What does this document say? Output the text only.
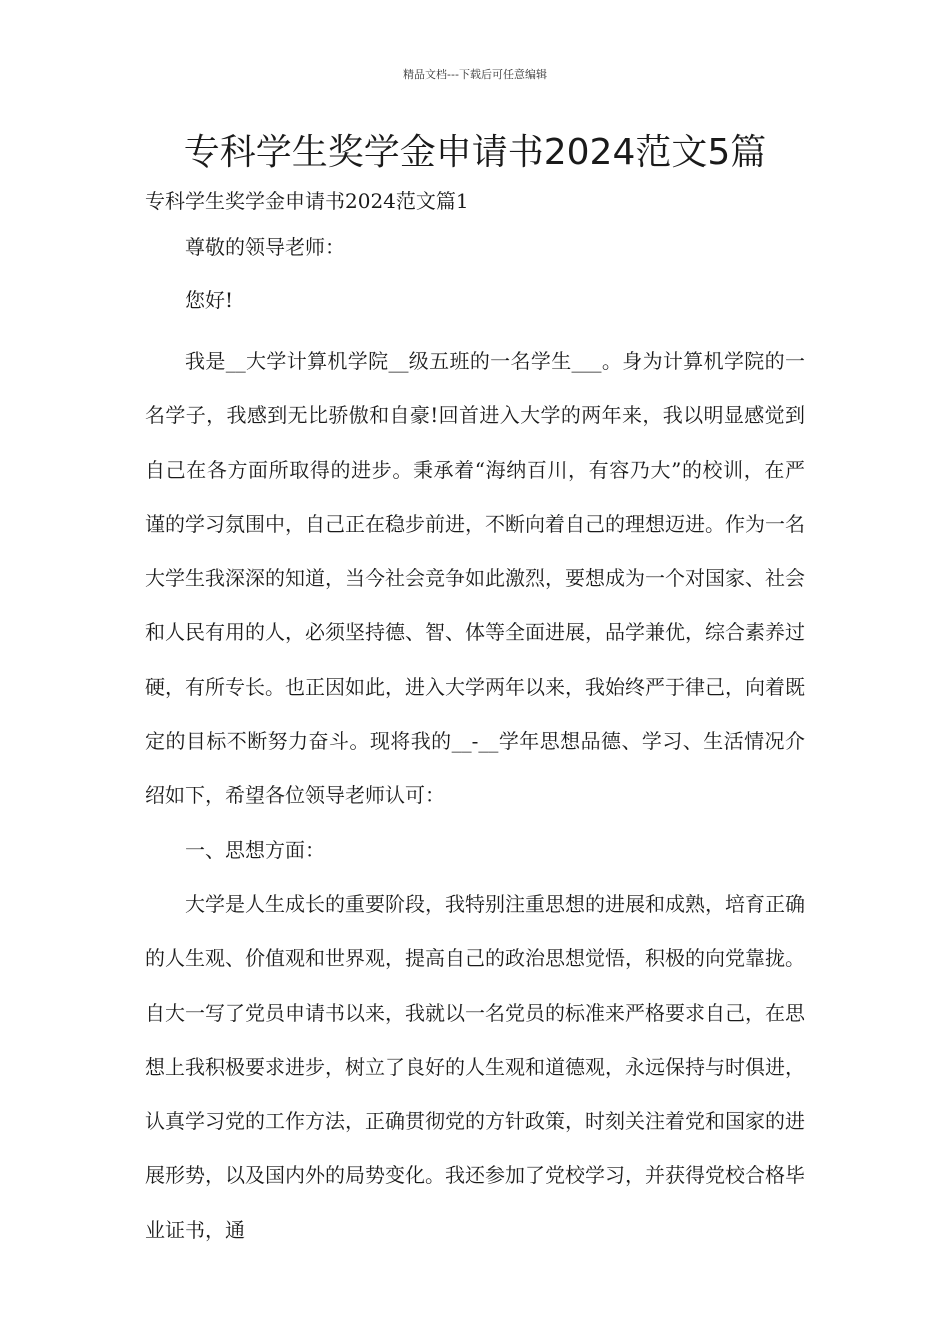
精品文档---下载后可任意编辑
专科学生奖学金申请书2024范文5篇
专科学生奖学金申请书2024范文篇1

尊敬的领导老师：

您好!

我是__大学计算机学院__级五班的一名学生___。身为计算机学院的一名学子，我感到无比骄傲和自豪!回首进入大学的两年来，我以明显感觉到自己在各方面所取得的进步。秉承着“海纳百川，有容乃大”的校训，在严谨的学习氛围中，自己正在稳步前进，不断向着自己的理想迈进。作为一名大学生我深深的知道，当今社会竞争如此激烈，要想成为一个对国家、社会和人民有用的人，必须坚持德、智、体等全面进展，品学兼优，综合素养过硬，有所专长。也正因如此，进入大学两年以来，我始终严于律己，向着既定的目标不断努力奋斗。现将我的__-__学年思想品德、学习、生活情况介绍如下，希望各位领导老师认可：

一、思想方面：

大学是人生成长的重要阶段，我特别注重思想的进展和成熟，培育正确的人生观、价值观和世界观，提高自己的政治思想觉悟，积极的向党靠拢。自大一写了党员申请书以来，我就以一名党员的标准来严格要求自己，在思想上我积极要求进步，树立了良好的人生观和道德观，永远保持与时俱进，认真学习党的工作方法，正确贯彻党的方针政策，时刻关注着党和国家的进展形势，以及国内外的局势变化。我还参加了党校学习，并获得党校合格毕业证书，通
